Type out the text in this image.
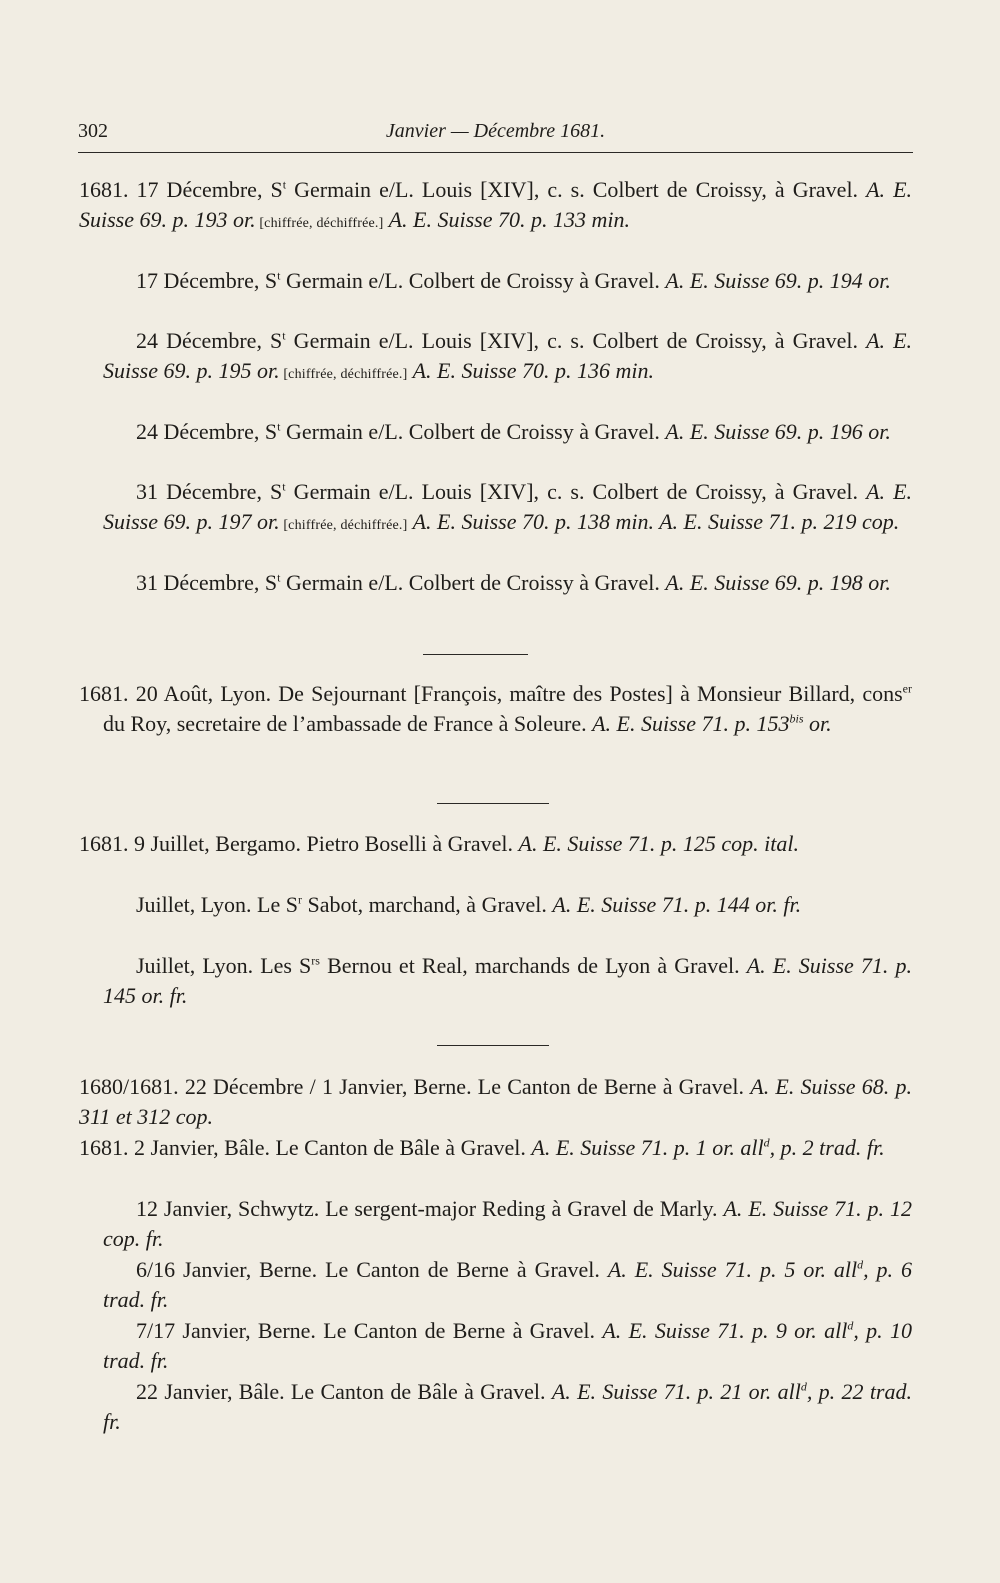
302	Janvier — Décembre 1681.
1681. 17 Décembre, $S^t$ Germain e/L. Louis [XIV], c. s. Colbert de Croissy, à Gravel. A. E. Suisse 69. p. 193 or. [chiffrée, déchiffrée.] A. E. Suisse 70. p. 133 min.
17 Décembre, $S^t$ Germain e/L. Colbert de Croissy à Gravel. A. E. Suisse 69. p. 194 or.
24 Décembre, $S^t$ Germain e/L. Louis [XIV], c. s. Colbert de Croissy, à Gravel. A. E. Suisse 69. p. 195 or. [chiffrée, déchiffrée.] A. E. Suisse 70. p. 136 min.
24 Décembre, $S^t$ Germain e/L. Colbert de Croissy à Gravel. A. E. Suisse 69. p. 196 or.
31 Décembre, $S^t$ Germain e/L. Louis [XIV], c. s. Colbert de Croissy, à Gravel. A. E. Suisse 69. p. 197 or. [chiffrée, déchiffrée.] A. E. Suisse 70. p. 138 min. A. E. Suisse 71. p. 219 cop.
31 Décembre, $S^t$ Germain e/L. Colbert de Croissy à Gravel. A. E. Suisse 69. p. 198 or.
1681. 20 Août, Lyon. De Sejournant [François, maître des Postes] à Monsieur Billard, cons$^{er}$ du Roy, secretaire de l’ambassade de France à Soleure. A. E. Suisse 71. p. $153^{bis}$ or.
1681. 9 Juillet, Bergamo. Pietro Boselli à Gravel. A. E. Suisse 71. p. 125 cop. ital.
Juillet, Lyon. Le $S^r$ Sabot, marchand, à Gravel. A. E. Suisse 71. p. 144 or. fr.
Juillet, Lyon. Les $S^{rs}$ Bernou et Real, marchands de Lyon à Gravel. A. E. Suisse 71. p. 145 or. fr.
1680/1681. 22 Décembre / 1 Janvier, Berne. Le Canton de Berne à Gravel. A. E. Suisse 68. p. 311 et 312 cop.
1681. 2 Janvier, Bâle. Le Canton de Bâle à Gravel. A. E. Suisse 71. p. 1 or. all$^d$, p. 2 trad. fr.
12 Janvier, Schwytz. Le sergent-major Reding à Gravel de Marly. A. E. Suisse 71. p. 12 cop. fr.
6/16 Janvier, Berne. Le Canton de Berne à Gravel. A. E. Suisse 71. p. 5 or. all$^d$, p. 6 trad. fr.
7/17 Janvier, Berne. Le Canton de Berne à Gravel. A. E. Suisse 71. p. 9 or. all$^d$, p. 10 trad. fr.
22 Janvier, Bâle. Le Canton de Bâle à Gravel. A. E. Suisse 71. p. 21 or. all$^d$, p. 22 trad. fr.
